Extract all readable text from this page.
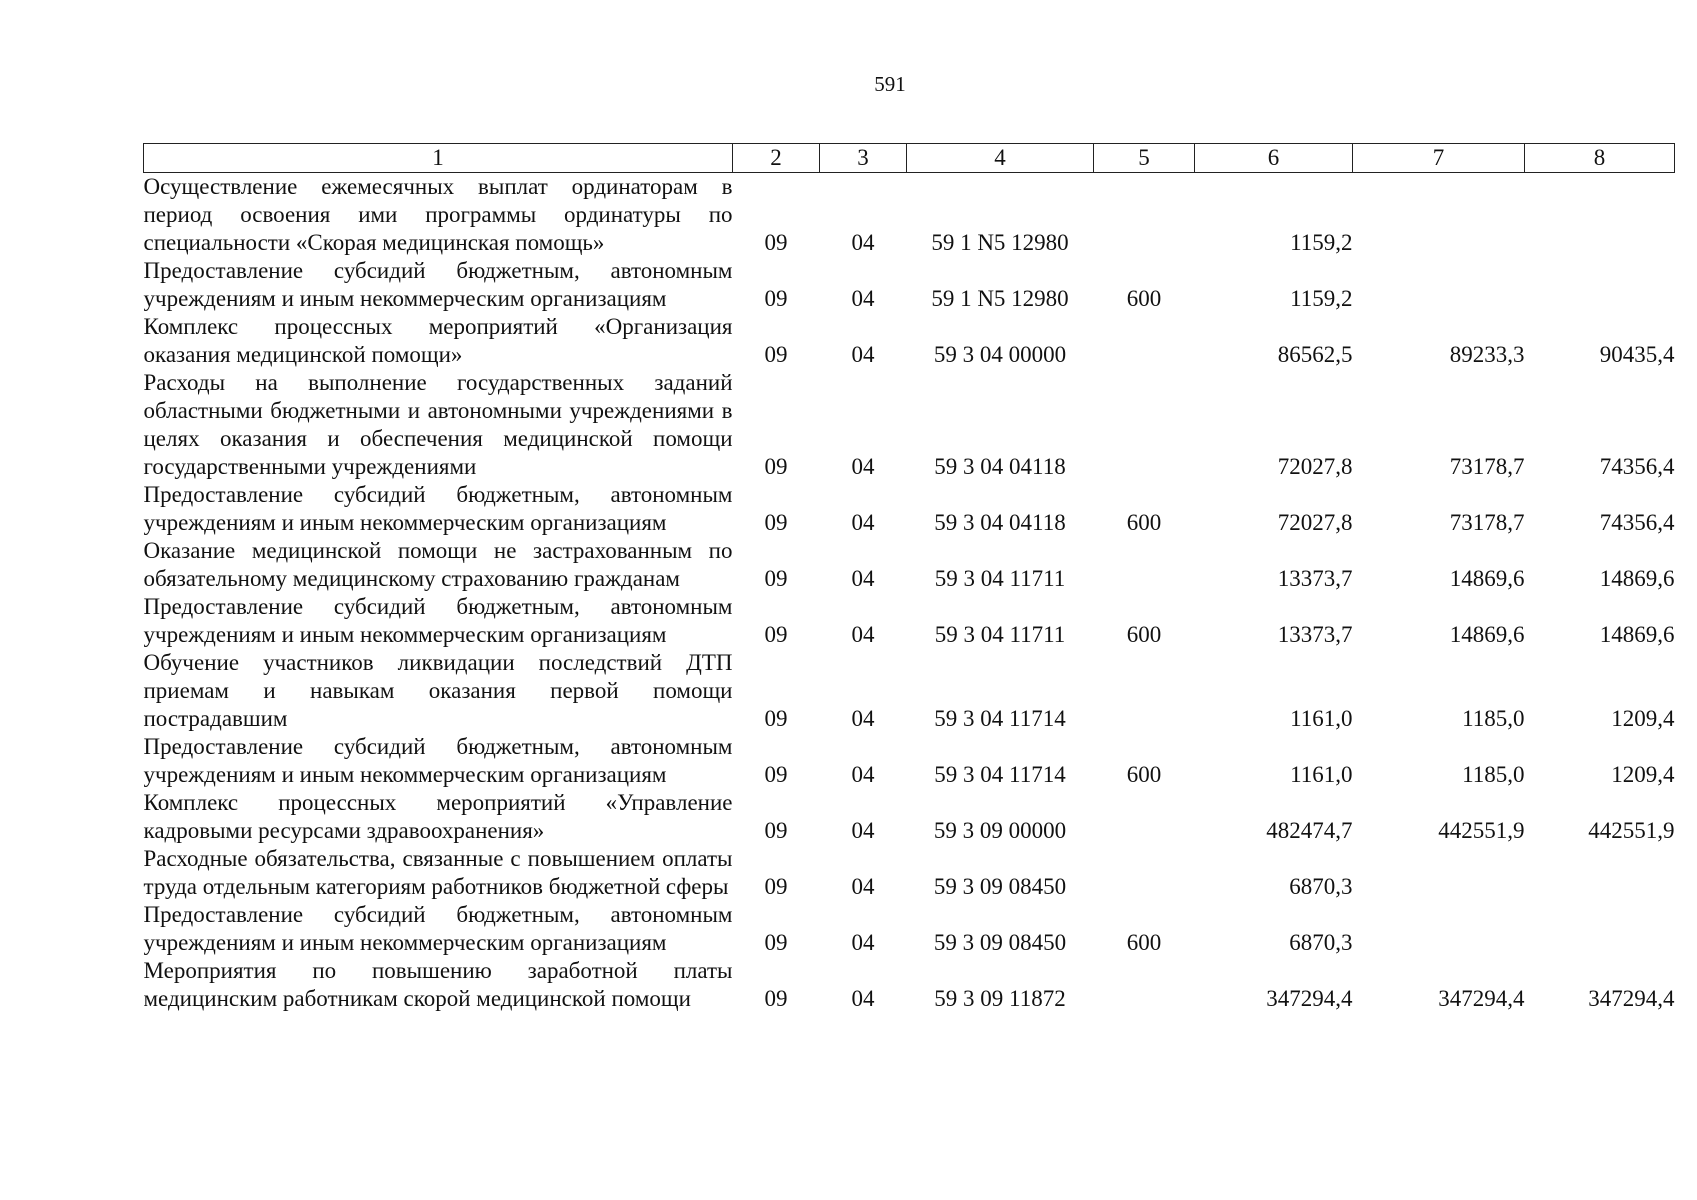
591
1	2	3	4	5	6	7	8
Осуществление ежемесячных выплат ординаторам в период освоения ими программы ординатуры по специальности «Скорая медицинская помощь»	09	04	59 1 N5 12980		1159,2		
Предоставление субсидий бюджетным, автономным учреждениям и иным некоммерческим организациям	09	04	59 1 N5 12980	600	1159,2		
Комплекс процессных мероприятий «Организация оказания медицинской помощи»	09	04	59 3 04 00000		86562,5	89233,3	90435,4
Расходы на выполнение государственных заданий областными бюджетными и автономными учреждениями в целях оказания и обеспечения медицинской помощи государственными учреждениями	09	04	59 3 04 04118		72027,8	73178,7	74356,4
Предоставление субсидий бюджетным, автономным учреждениям и иным некоммерческим организациям	09	04	59 3 04 04118	600	72027,8	73178,7	74356,4
Оказание медицинской помощи не застрахованным по обязательному медицинскому страхованию гражданам	09	04	59 3 04 11711		13373,7	14869,6	14869,6
Предоставление субсидий бюджетным, автономным учреждениям и иным некоммерческим организациям	09	04	59 3 04 11711	600	13373,7	14869,6	14869,6
Обучение участников ликвидации последствий ДТП приемам и навыкам оказания первой помощи пострадавшим	09	04	59 3 04 11714		1161,0	1185,0	1209,4
Предоставление субсидий бюджетным, автономным учреждениям и иным некоммерческим организациям	09	04	59 3 04 11714	600	1161,0	1185,0	1209,4
Комплекс процессных мероприятий «Управление кадровыми ресурсами здравоохранения»	09	04	59 3 09 00000		482474,7	442551,9	442551,9
Расходные обязательства, связанные с повышением оплаты труда отдельным категориям работников бюджетной сферы	09	04	59 3 09 08450		6870,3		
Предоставление субсидий бюджетным, автономным учреждениям и иным некоммерческим организациям	09	04	59 3 09 08450	600	6870,3		
Мероприятия по повышению заработной платы медицинским работникам скорой медицинской помощи	09	04	59 3 09 11872		347294,4	347294,4	347294,4
